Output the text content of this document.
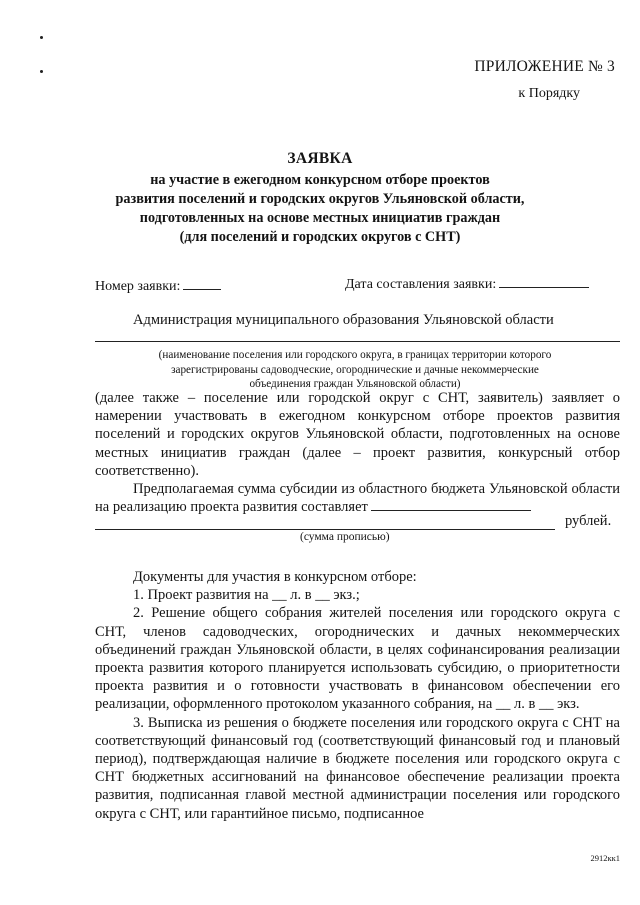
ПРИЛОЖЕНИЕ № 3
к Порядку
ЗАЯВКА
на участие в ежегодном конкурсном отборе проектов
развития поселений и городских округов Ульяновской области,
подготовленных на основе местных инициатив граждан
(для поселений и городских округов с СНТ)
Номер заявки:	Дата составления заявки:
Администрация муниципального образования Ульяновской области
(наименование поселения или городского округа, в границах территории которого
зарегистрированы садоводческие, огороднические и дачные некоммерческие
объединения граждан Ульяновской области)

(далее также – поселение или городской округ с СНТ, заявитель) заявляет о намерении участвовать в ежегодном конкурсном отборе проектов развития поселений и городских округов Ульяновской области, подготовленных на основе местных инициатив граждан (далее – проект развития, конкурсный отбор соответственно).

Предполагаемая сумма субсидии из областного бюджета Ульяновской области на реализацию проекта развития составляет

рублей.
(сумма прописью)

Документы для участия в конкурсном отборе:

1. Проект развития на __ л. в __ экз.;

2. Решение общего собрания жителей поселения или городского округа с СНТ, членов садоводческих, огороднических и дачных некоммерческих объединений граждан Ульяновской области, в целях софинансирования реализации проекта развития которого планируется использовать субсидию, о приоритетности проекта развития и о готовности участвовать в финансовом обеспечении его реализации, оформленного протоколом указанного собрания, на __ л. в __ экз.

3. Выписка из решения о бюджете поселения или городского округа с СНТ на соответствующий финансовый год (соответствующий финансовый год и плановый период), подтверждающая наличие в бюджете поселения или городского округа с СНТ бюджетных ассигнований на финансовое обеспечение реализации проекта развития, подписанная главой местной администрации поселения или городского округа с СНТ, или гарантийное письмо, подписанное

2912кк1
